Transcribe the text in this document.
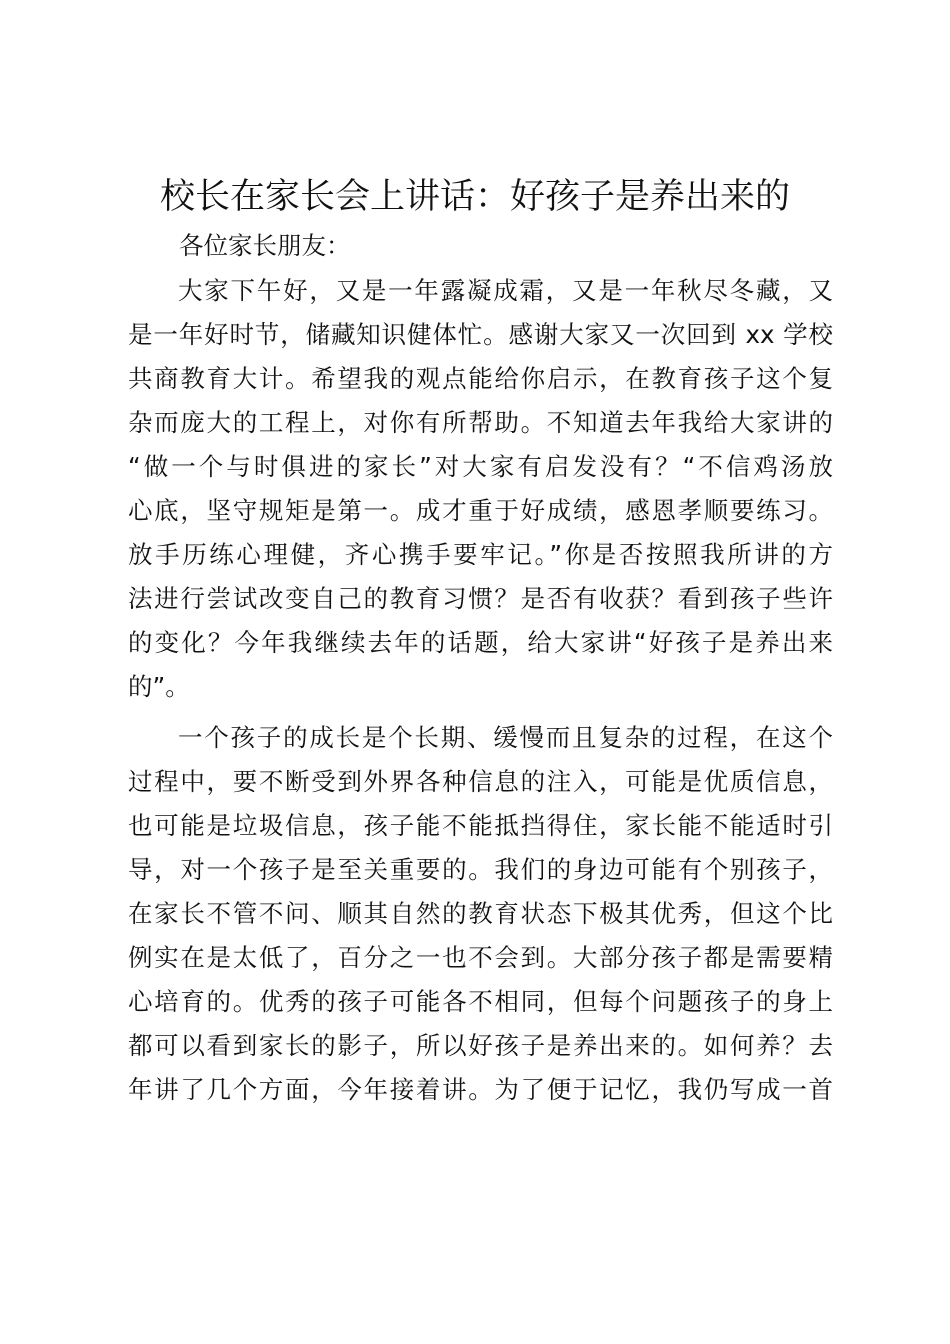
校长在家长会上讲话：好孩子是养出来的

各位家长朋友：

大家下午好，又是一年露凝成霜，又是一年秋尽冬藏，又
是一年好时节，储藏知识健体忙。感谢大家又一次回到 xx 学校
共商教育大计。希望我的观点能给你启示，在教育孩子这个复
杂而庞大的工程上，对你有所帮助。不知道去年我给大家讲的
“做一个与时俱进的家长”对大家有启发没有？“不信鸡汤放
心底，坚守规矩是第一。成才重于好成绩，感恩孝顺要练习。
放手历练心理健，齐心携手要牢记。”你是否按照我所讲的方
法进行尝试改变自己的教育习惯？是否有收获？看到孩子些许
的变化？今年我继续去年的话题，给大家讲“好孩子是养出来
的”。
一个孩子的成长是个长期、缓慢而且复杂的过程，在这个
过程中，要不断受到外界各种信息的注入，可能是优质信息，
也可能是垃圾信息，孩子能不能抵挡得住，家长能不能适时引
导，对一个孩子是至关重要的。我们的身边可能有个别孩子，
在家长不管不问、顺其自然的教育状态下极其优秀，但这个比
例实在是太低了，百分之一也不会到。大部分孩子都是需要精
心培育的。优秀的孩子可能各不相同，但每个问题孩子的身上
都可以看到家长的影子，所以好孩子是养出来的。如何养？去
年讲了几个方面，今年接着讲。为了便于记忆，我仍写成一首
